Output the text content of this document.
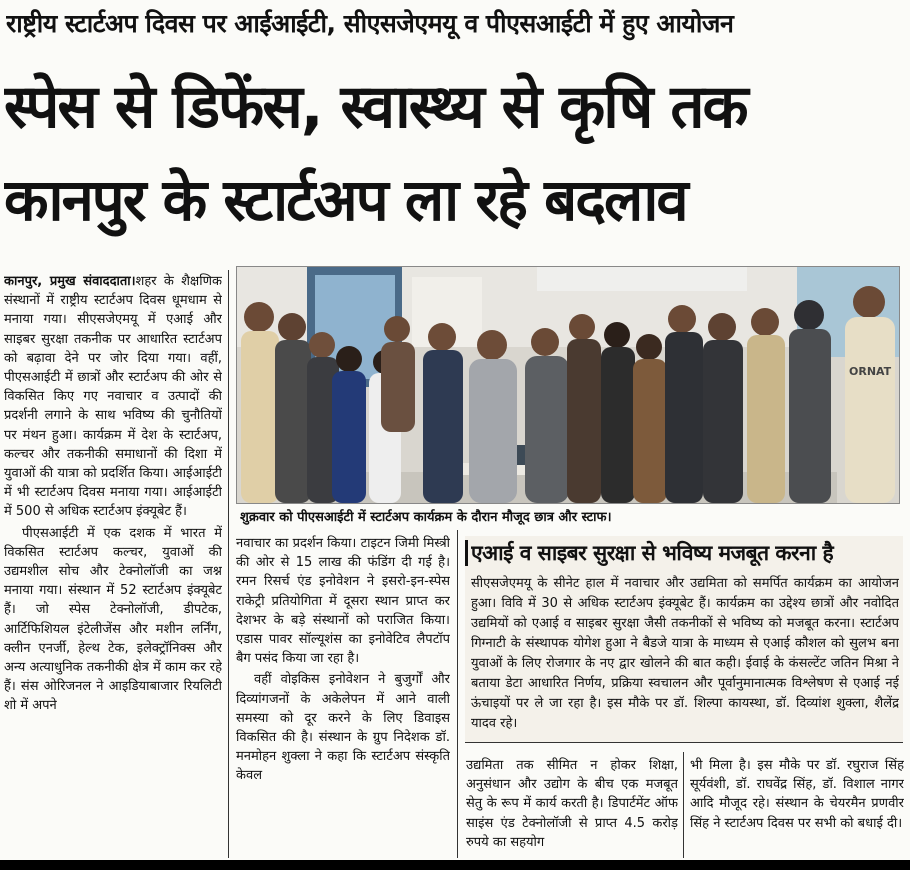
राष्ट्रीय स्टार्टअप दिवस पर आईआईटी, सीएसजेएमयू व पीएसआईटी में हुए आयोजन
स्पेस से डिफेंस, स्वास्थ्य से कृषि तक
कानपुर के स्टार्टअप ला रहे बदलाव

कानपुर, प्रमुख संवाददाता।शहर के शैक्षणिक संस्थानों में राष्ट्रीय स्टार्टअप दिवस धूमधाम से मनाया गया। सीएसजेएमयू में एआई और साइबर सुरक्षा तकनीक पर आधारित स्टार्टअप को बढ़ावा देने पर जोर दिया गया। वहीं, पीएसआईटी में छात्रों और स्टार्टअप की ओर से विकसित किए गए नवाचार व उत्पादों की प्रदर्शनी लगाने के साथ भविष्य की चुनौतियों पर मंथन हुआ। कार्यक्रम में देश के स्टार्टअप, कल्चर और तकनीकी समाधानों की दिशा में युवाओं की यात्रा को प्रदर्शित किया। आईआईटी में भी स्टार्टअप दिवस मनाया गया। आईआईटी में 500 से अधिक स्टार्टअप इंक्यूबेट हैं।

पीएसआईटी में एक दशक में भारत में विकसित स्टार्टअप कल्चर, युवाओं की उद्यमशील सोच और टेक्नोलॉजी का जश्न मनाया गया। संस्थान में 52 स्टार्टअप इंक्यूबेट हैं। जो स्पेस टेक्नोलॉजी, डीपटेक, आर्टिफिशियल इंटेलीजेंस और मशीन लर्निंग, क्लीन एनर्जी, हेल्थ टेक, इलेक्ट्रॉनिक्स और अन्य अत्याधुनिक तकनीकी क्षेत्र में काम कर रहे हैं। संस ओरिजनल ने आइडियाबाजार रियलिटी शो में अपने

ORNAT
शुक्रवार को पीएसआईटी में स्टार्टअप कार्यक्रम के दौरान मौजूद छात्र और स्टाफ।

नवाचार का प्रदर्शन किया। टाइटन जिमी मिस्त्री की ओर से 15 लाख की फंडिंग दी गई है। रमन रिसर्च एंड इनोवेशन ने इसरो-इन-स्पेस राकेट्री प्रतियोगिता में दूसरा स्थान प्राप्त कर देशभर के बड़े संस्थानों को पराजित किया। एडास पावर सॉल्यूशंस का इनोवेटिव लैपटॉप बैग पसंद किया जा रहा है।

वहीं वोइकिस इनोवेशन ने बुजुर्गों और दिव्यांगजनों के अकेलेपन में आने वाली समस्या को दूर करने के लिए डिवाइस विकसित की है। संस्थान के ग्रुप निदेशक डॉ. मनमोहन शुक्ला ने कहा कि स्टार्टअप संस्कृति केवल

एआई व साइबर सुरक्षा से भविष्य मजबूत करना है
सीएसजेएमयू के सीनेट हाल में नवाचार और उद्यमिता को समर्पित कार्यक्रम का आयोजन हुआ। विवि में 30 से अधिक स्टार्टअप इंक्यूबेट हैं। कार्यक्रम का उद्देश्य छात्रों और नवोदित उद्यमियों को एआई व साइबर सुरक्षा जैसी तकनीकों से भविष्य को मजबूत करना। स्टार्टअप गिग्नाटी के संस्थापक योगेश हुआ ने बैडजे यात्रा के माध्यम से एआई कौशल को सुलभ बना युवाओं के लिए रोजगार के नए द्वार खोलने की बात कही। ईवाई के कंसल्टेंट जतिन मिश्रा ने बताया डेटा आधारित निर्णय, प्रक्रिया स्वचालन और पूर्वानुमानात्मक विश्लेषण से एआई नई ऊंचाइयों पर ले जा रहा है। इस मौके पर डॉ. शिल्पा कायस्था, डॉ. दिव्यांश शुक्ला, शैलेंद्र यादव रहे।

उद्यमिता तक सीमित न होकर शिक्षा, अनुसंधान और उद्योग के बीच एक मजबूत सेतु के रूप में कार्य करती है। डिपार्टमेंट ऑफ साइंस एंड टेक्नोलॉजी से प्राप्त 4.5 करोड़ रुपये का सहयोग

भी मिला है। इस मौके पर डॉ. रघुराज सिंह सूर्यवंशी, डॉ. राघवेंद्र सिंह, डॉ. विशाल नागर आदि मौजूद रहे। संस्थान के चेयरमैन प्रणवीर सिंह ने स्टार्टअप दिवस पर सभी को बधाई दी।
